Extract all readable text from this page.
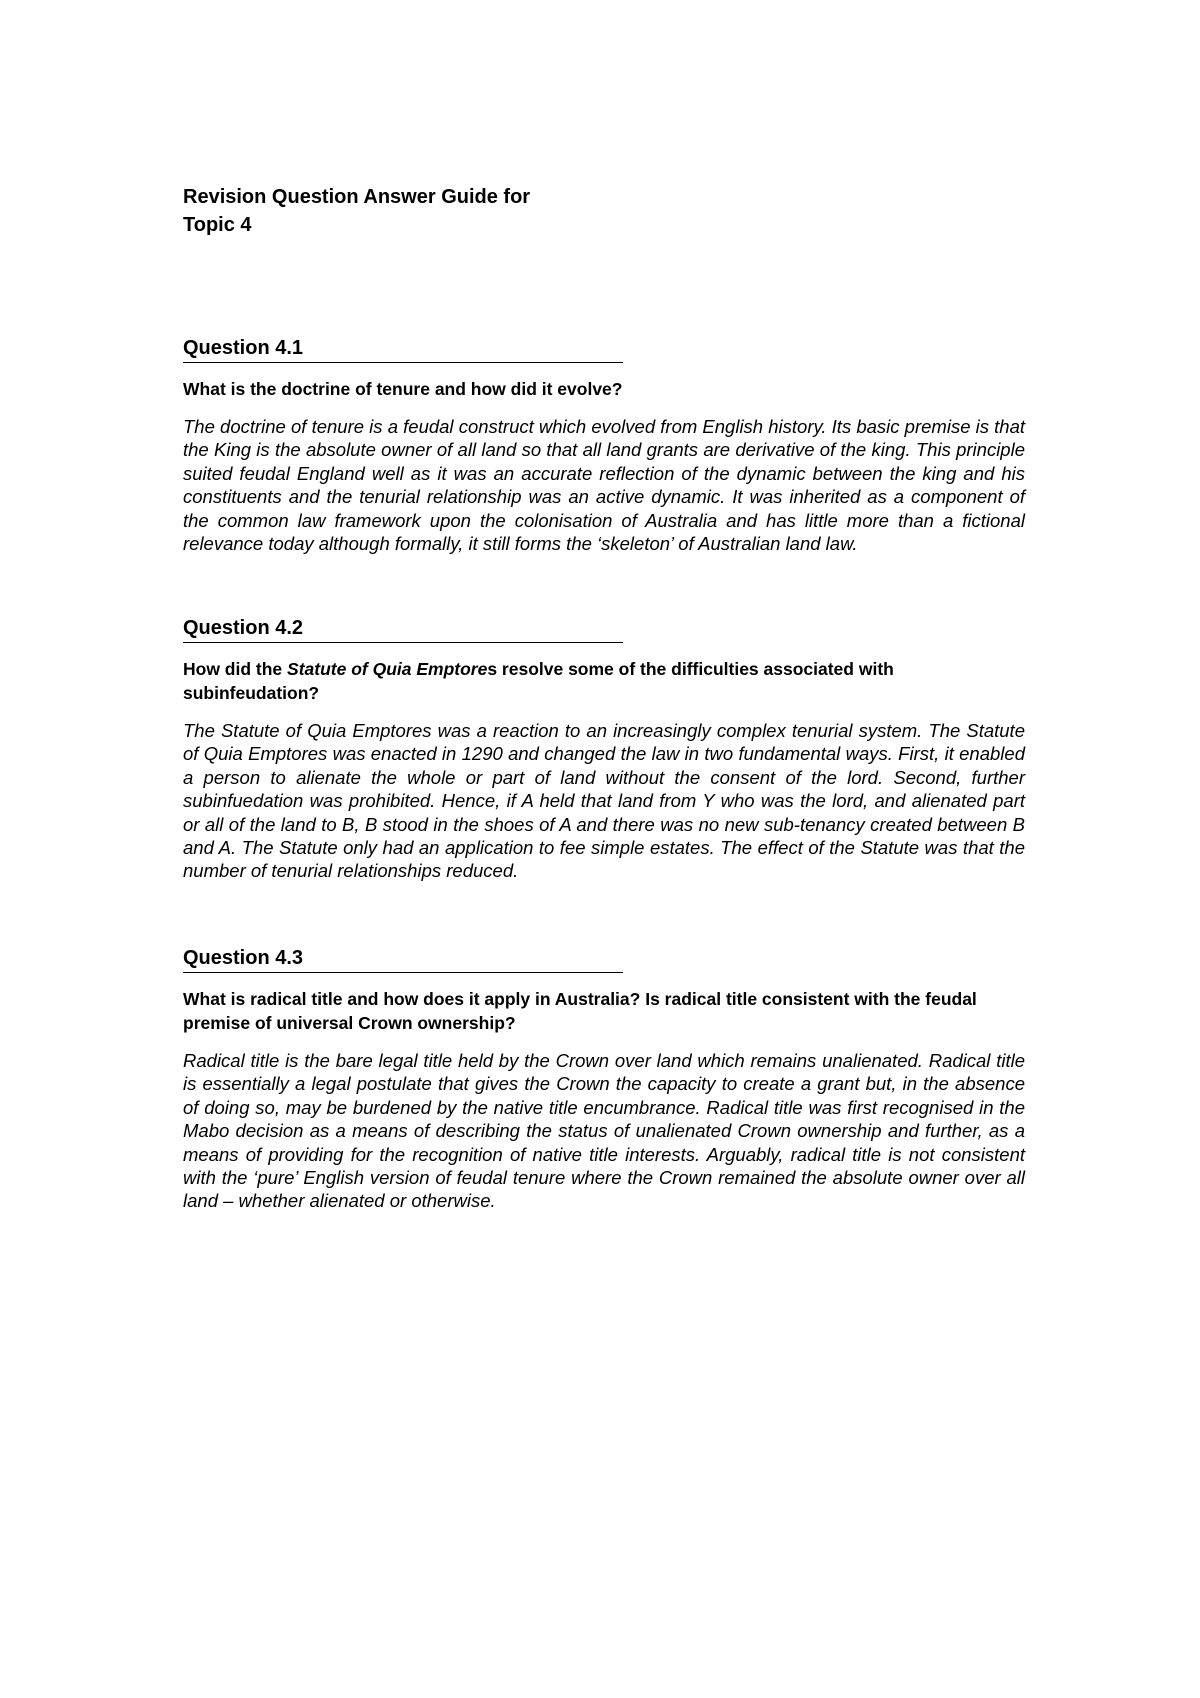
Revision Question Answer Guide for

Topic 4

Question 4.1
What is the doctrine of tenure and how did it evolve?
The doctrine of tenure is a feudal construct which evolved from English history. Its basic premise is that the King is the absolute owner of all land so that all land grants are derivative of the king. This principle suited feudal England well as it was an accurate reflection of the dynamic between the king and his constituents and the tenurial relationship was an active dynamic. It was inherited as a component of the common law framework upon the colonisation of Australia and has little more than a fictional relevance today although formally, it still forms the ‘skeleton’ of Australian land law.
Question 4.2
How did the Statute of Quia Emptores resolve some of the difficulties associated with subinfeudation?
The Statute of Quia Emptores was a reaction to an increasingly complex tenurial system. The Statute of Quia Emptores was enacted in 1290 and changed the law in two fundamental ways. First, it enabled a person to alienate the whole or part of land without the consent of the lord. Second, further subinfuedation was prohibited. Hence, if A held that land from Y who was the lord, and alienated part or all of the land to B, B stood in the shoes of A and there was no new sub-tenancy created between B and A. The Statute only had an application to fee simple estates. The effect of the Statute was that the number of tenurial relationships reduced.
Question 4.3
What is radical title and how does it apply in Australia? Is radical title consistent with the feudal premise of universal Crown ownership?
Radical title is the bare legal title held by the Crown over land which remains unalienated. Radical title is essentially a legal postulate that gives the Crown the capacity to create a grant but, in the absence of doing so, may be burdened by the native title encumbrance. Radical title was first recognised in the Mabo decision as a means of describing the status of unalienated Crown ownership and further, as a means of providing for the recognition of native title interests. Arguably, radical title is not consistent with the ‘pure’ English version of feudal tenure where the Crown remained the absolute owner over all land – whether alienated or otherwise.
